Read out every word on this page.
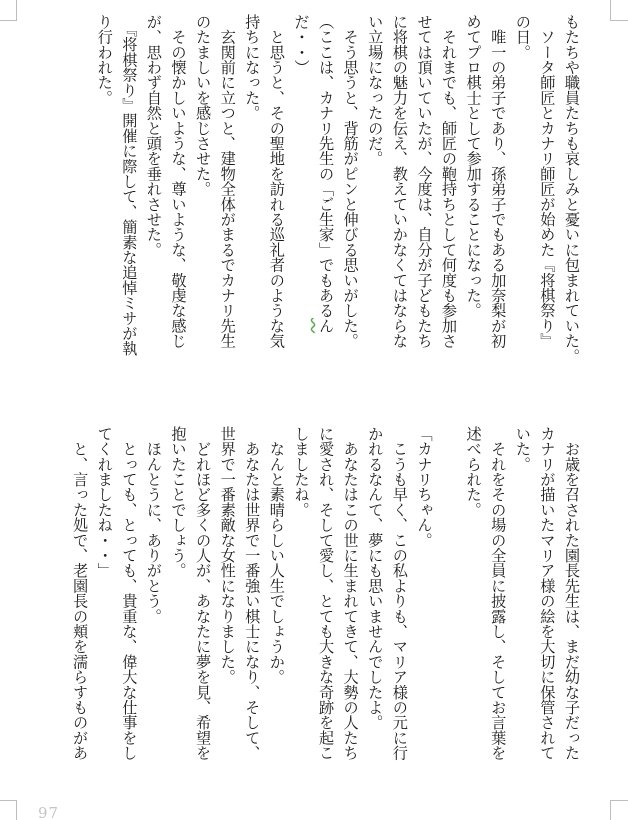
もたちや職員たちも哀しみと憂いに包まれていた。
　ソータ師匠とカナリ師匠が始めた『将棋祭り』
の日。
　唯一の弟子であり、孫弟子でもある加奈梨が初
めてプロ棋士として参加することになった。
　それまでも、師匠の鞄持ちとして何度も参加さ
せては頂いていたが、今度は、自分が子どもたち
に将棋の魅力を伝え、教えていかなくてはならな
い立場になったのだ。
　そう思うと、背筋がピンと伸びる思いがした。
（ここは、カナリ先生の「ご生家」でもあるん
だ・・）
　と思うと、その聖地を訪れる巡礼者のような気
持ちになった。
　玄関前に立つと、建物全体がまるでカナリ先生
のたましいを感じさせた。
　その懐かしいような、尊いような、敬虔な感じ
が、思わず自然と頭を垂れさせた。
　『将棋祭り』開催に際して、簡素な追悼ミサが執
り行われた。
　お歳を召された園長先生は、まだ幼な子だった
カナリが描いたマリア様の絵を大切に保管されて
いた。
　それをその場の全員に披露し、そしてお言葉を
述べられた。
「カナリちゃん。
　こうも早く、この私よりも、マリア様の元に行
かれるなんて、夢にも思いませんでしたよ。
　あなたはこの世に生まれてきて、大勢の人たち
に愛され、そして愛し、とても大きな奇跡を起こ
しましたね。
　なんと素晴らしい人生でしょうか。
　あなたは世界で一番強い棋士になり、そして、
世界で一番素敵な女性になりました。
　どれほど多くの人が、あなたに夢を見、希望を
抱いたことでしょう。
　ほんとうに、ありがとう。
　とっても、とっても、貴重な、偉大な仕事をし
てくれましたね・・」
　と、言った処で、老園長の頬を濡らすものがあ
97
